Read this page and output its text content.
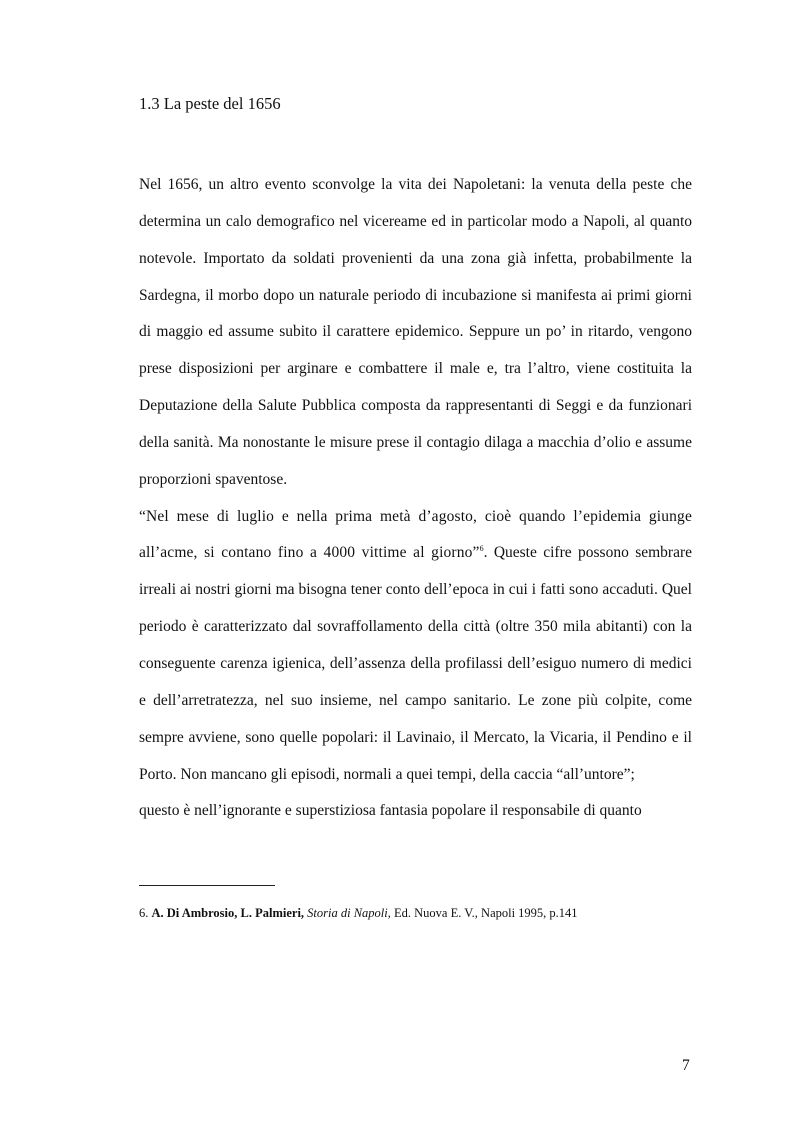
1.3 La peste del 1656

Nel 1656, un altro evento sconvolge la vita dei Napoletani: la venuta della peste che determina un calo demografico nel vicereame ed in particolar modo a Napoli, al quanto notevole. Importato da soldati provenienti da una zona già infetta, probabilmente la Sardegna, il morbo dopo un naturale periodo di incubazione si manifesta ai primi giorni di maggio ed assume subito il carattere epidemico. Seppure un po’ in ritardo, vengono prese disposizioni per arginare e combattere il male e, tra l’altro, viene costituita la Deputazione della Salute Pubblica composta da rappresentanti di Seggi e da funzionari della sanità. Ma nonostante le misure prese il contagio dilaga a macchia d’olio e assume proporzioni spaventose.

“Nel mese di luglio e nella prima metà d’agosto, cioè quando l’epidemia giunge all’acme, si contano fino a 4000 vittime al giorno”$^6$. Queste cifre possono sembrare irreali ai nostri giorni ma bisogna tener conto dell’epoca in cui i fatti sono accaduti. Quel periodo è caratterizzato dal sovraffollamento della città (oltre 350 mila abitanti) con la conseguente carenza igienica, dell’assenza della profilassi dell’esiguo numero di medici e dell’arretratezza, nel suo insieme, nel campo sanitario. Le zone più colpite, come sempre avviene, sono quelle popolari: il Lavinaio, il Mercato, la Vicaria, il Pendino e il Porto. Non mancano gli episodi, normali a quei tempi, della caccia “all’untore”;

questo è nell’ignorante e superstiziosa fantasia popolare il responsabile di quanto

6. A. Di Ambrosio, L. Palmieri, Storia di Napoli, Ed. Nuova E. V., Napoli 1995, p.141

7
